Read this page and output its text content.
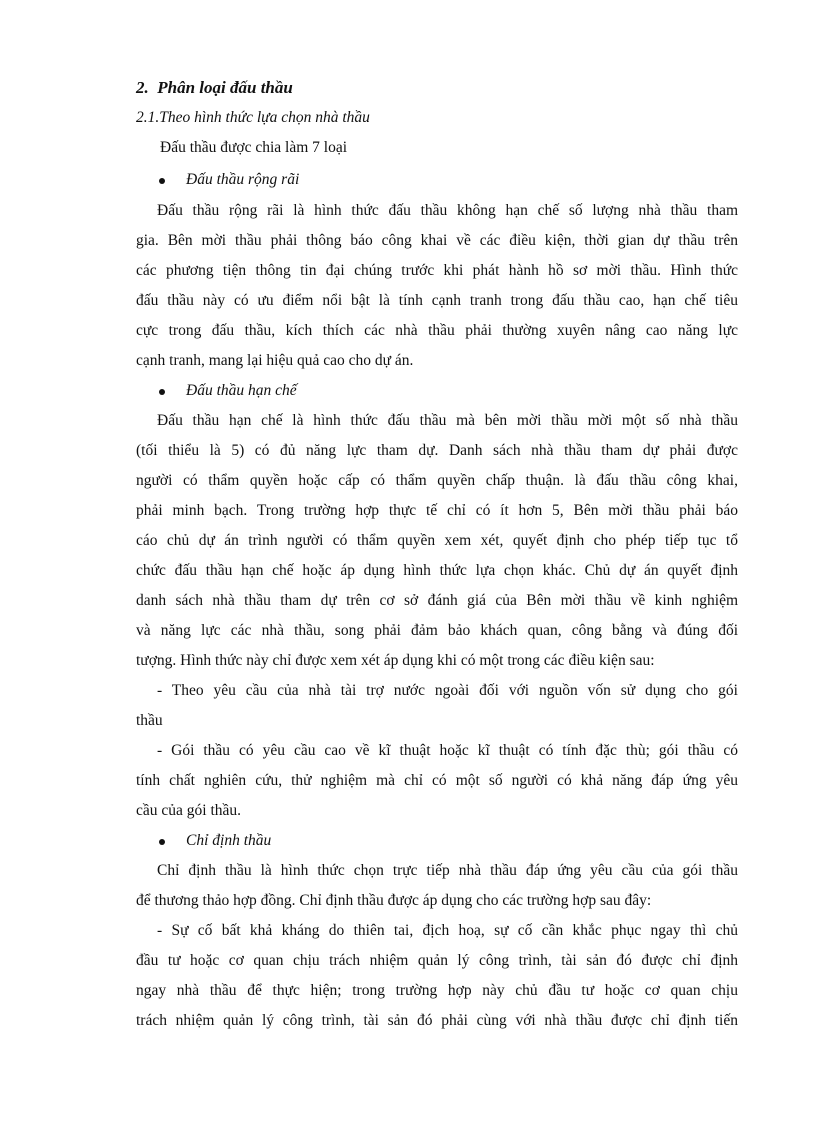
2. Phân loại đấu thầu
2.1.Theo hình thức lựa chọn nhà thầu
Đấu thầu được chia làm 7 loại
Đấu thầu rộng rãi
Đấu thầu rộng rãi là hình thức đấu thầu không hạn chế số lượng nhà thầu tham
gia. Bên mời thầu phải thông báo công khai về các điều kiện, thời gian dự thầu trên
các phương tiện thông tin đại chúng trước khi phát hành hồ sơ mời thầu. Hình thức
đấu thầu này có ưu điểm nổi bật là tính cạnh tranh trong đấu thầu cao, hạn chế tiêu
cực trong đấu thầu, kích thích các nhà thầu phải thường xuyên nâng cao năng lực
cạnh tranh, mang lại hiệu quả cao cho dự án.
Đấu thầu hạn chế
Đấu thầu hạn chế là hình thức đấu thầu mà bên mời thầu mời một số nhà thầu
(tối thiểu là 5) có đủ năng lực tham dự. Danh sách nhà thầu tham dự phải được
người có thẩm quyền hoặc cấp có thẩm quyền chấp thuận. là đấu thầu công khai,
phải minh bạch. Trong trường hợp thực tế chỉ có ít hơn 5, Bên mời thầu phải báo
cáo chủ dự án trình người có thẩm quyền xem xét, quyết định cho phép tiếp tục tổ
chức đấu thầu hạn chế hoặc áp dụng hình thức lựa chọn khác. Chủ dự án quyết định
danh sách nhà thầu tham dự trên cơ sở đánh giá của Bên mời thầu về kinh nghiệm
và năng lực các nhà thầu, song phải đảm bảo khách quan, công bằng và đúng đối
tượng. Hình thức này chỉ được xem xét áp dụng khi có một trong các điều kiện sau:
- Theo yêu cầu của nhà tài trợ nước ngoài đối với nguồn vốn sử dụng cho gói
thầu
- Gói thầu có yêu cầu cao về kĩ thuật hoặc kĩ thuật có tính đặc thù; gói thầu có
tính chất nghiên cứu, thử nghiệm mà chỉ có một số người có khả năng đáp ứng yêu
cầu của gói thầu.
Chỉ định thầu
Chỉ định thầu là hình thức chọn trực tiếp nhà thầu đáp ứng yêu cầu của gói thầu
để thương thảo hợp đồng. Chỉ định thầu được áp dụng cho các trường hợp sau đây:
- Sự cố bất khả kháng do thiên tai, địch hoạ, sự cố cần khắc phục ngay thì chủ
đầu tư hoặc cơ quan chịu trách nhiệm quản lý công trình, tài sản đó được chỉ định
ngay nhà thầu để thực hiện; trong trường hợp này chủ đầu tư hoặc cơ quan chịu
trách nhiệm quản lý công trình, tài sản đó phải cùng với nhà thầu được chỉ định tiến
